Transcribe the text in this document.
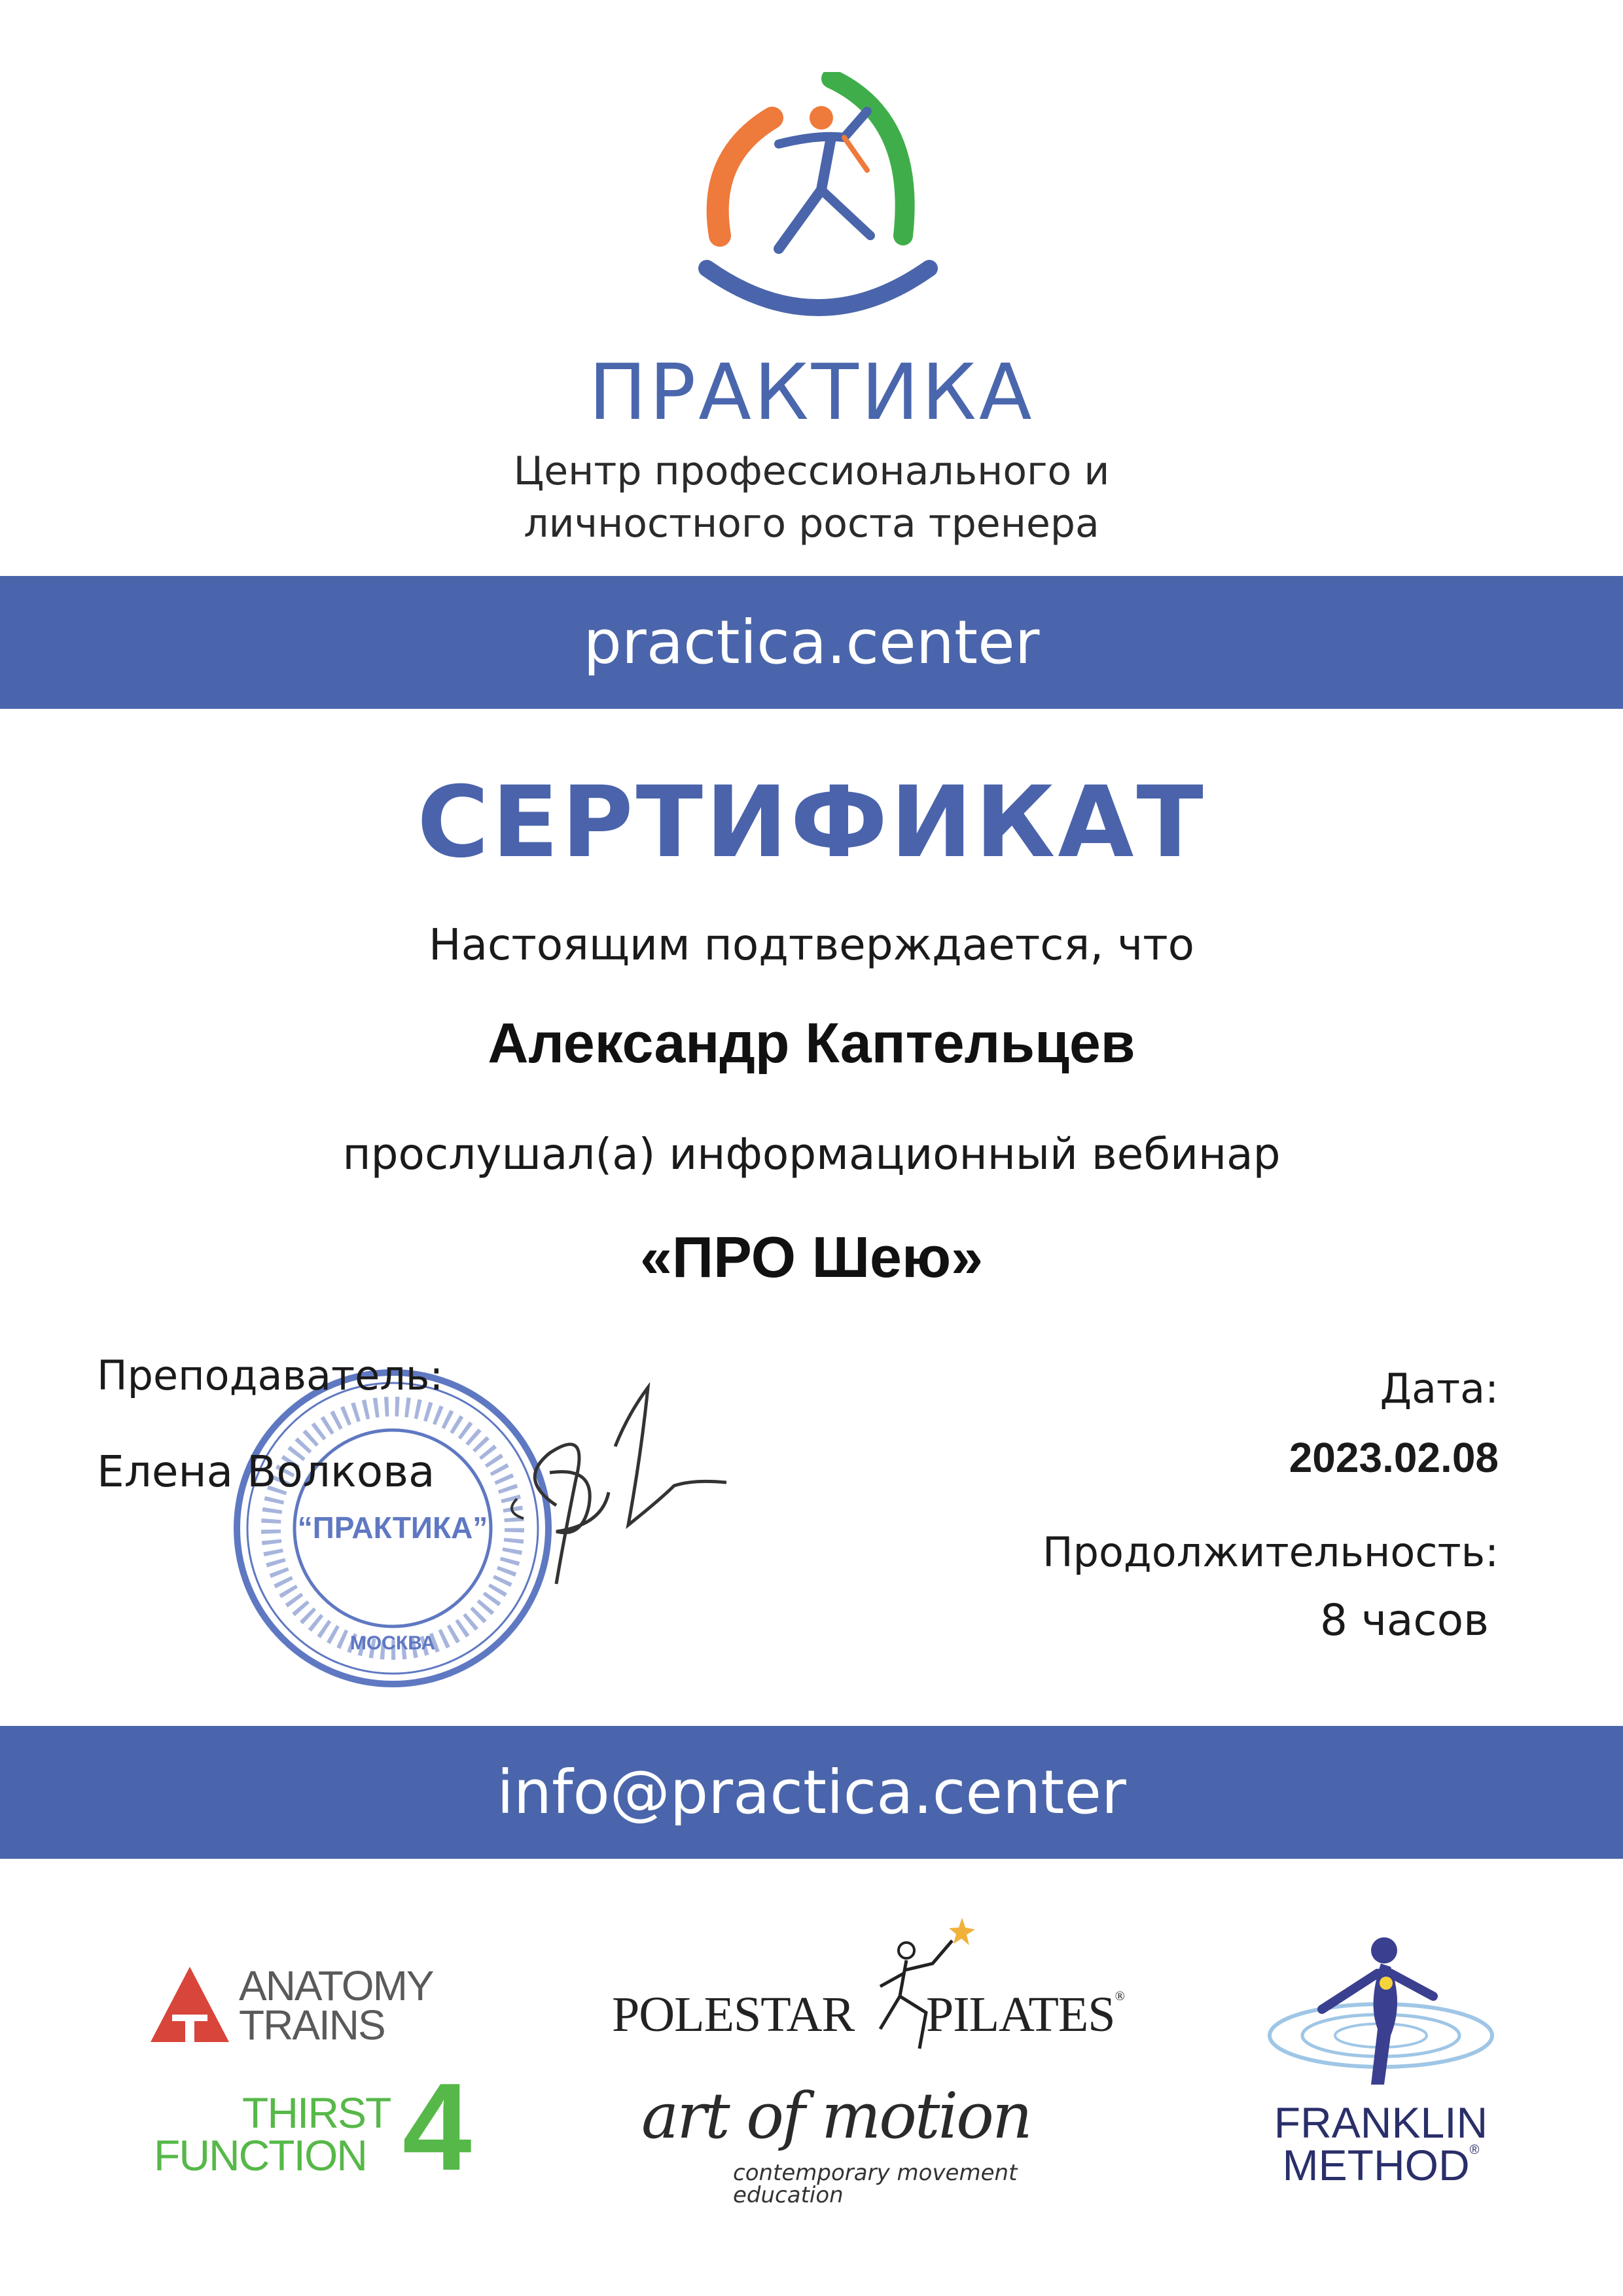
ПРАКТИКА
Центр профессионального и
личностного роста тренера
practica.center
СЕРТИФИКАТ
Настоящим подтверждается, что
Александр Каптельцев
прослушал(а) информационный вебинар
«ПРО Шею»
“ПРАКТИКА”
МОСКВА
Преподаватель:
Елена Волкова
Дата:
2023.02.08
Продолжительность:
8 часов
info@practica.center
ANATOMY
TRAINS
THIRST
FUNCTION 4
POLESTAR PILATES®
art of motion
contemporary movement education
FRANKLIN
METHOD®
